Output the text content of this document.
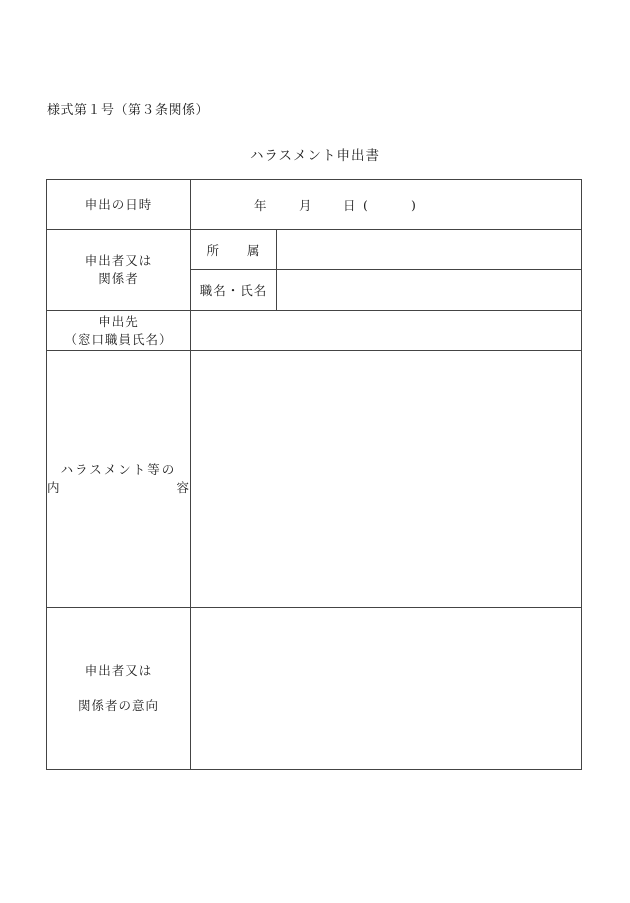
様式第１号（第３条関係）
ハラスメント申出書
申出の日時	年 月 日 ( )	

申出者又は
関係者	所　　属	
	職名・氏名	

申出先
（窓口職員氏名）		

ハラスメント等の
内 容		

申出者又は
関係者の意向		
